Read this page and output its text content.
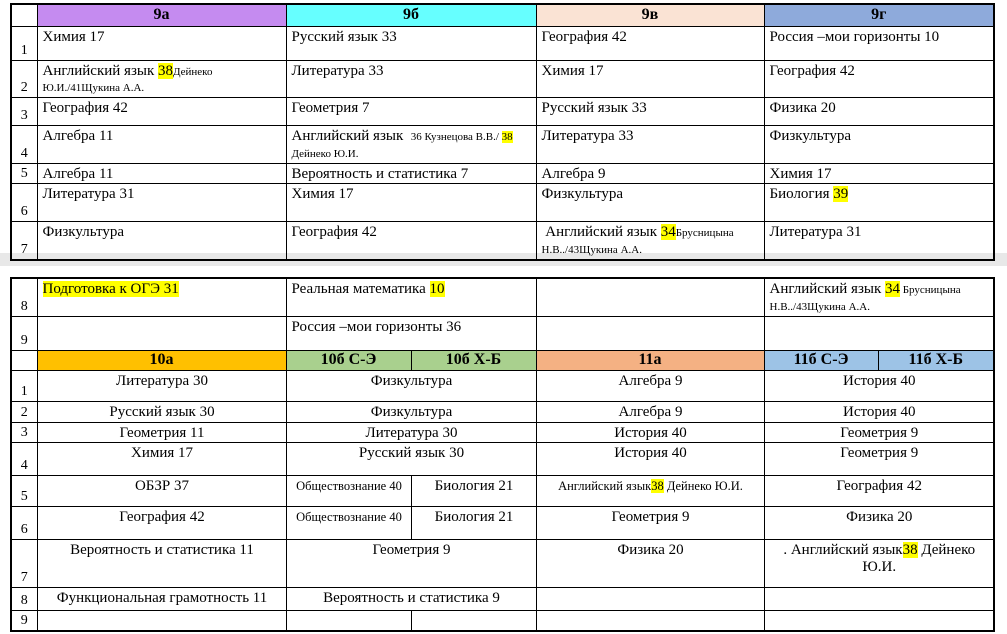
	9а	9б	9в	9г
1	Химия 17	Русский язык 33	География 42	Россия –мои горизонты 10
2	Английский язык 38Дейнеко Ю.И./41Щукина А.А.	Литература 33	Химия 17	География 42
3	География 42	Геометрия 7	Русский язык 33	Физика 20
4	Алгебра 11	Английский язык  36 Кузнецова В.В./ 38 Дейнеко Ю.И.	Литература 33	Физкультура
5	Алгебра 11	Вероятность и статистика 7	Алгебра 9	Химия 17
6	Литература 31	Химия 17	Физкультура	Биология 39
7	Физкультура	География 42	Английский язык 34Брусницына Н.В../43Щукина А.А.	Литература 31
8	Подготовка к ОГЭ 31	Реальная математика 10			Английский язык 34 Брусницына Н.В../43Щукина А.А.	
9		Россия –мои горизонты 36				
	10а	10б С-Э	10б Х-Б	11а	11б С-Э	11б Х-Б
1	Литература 30	Физкультура		Алгебра 9	История 40	
2	Русский язык 30	Физкультура		Алгебра 9	История 40	
3	Геометрия 11	Литература 30		История 40	Геометрия 9	
4	Химия 17	Русский язык 30		История 40	Геометрия 9	
5	ОБЗР 37	Обществознание 40	Биология 21	Английский язык38 Дейнеко Ю.И.	География 42	
6	География 42	Обществознание 40	Биология 21	Геометрия 9	Физика 20	
7	Вероятность и статистика 11	Геометрия 9		Физика 20	. Английский язык38 Дейнеко Ю.И.	
8	Функциональная грамотность 11	Вероятность и статистика 9				
9						
